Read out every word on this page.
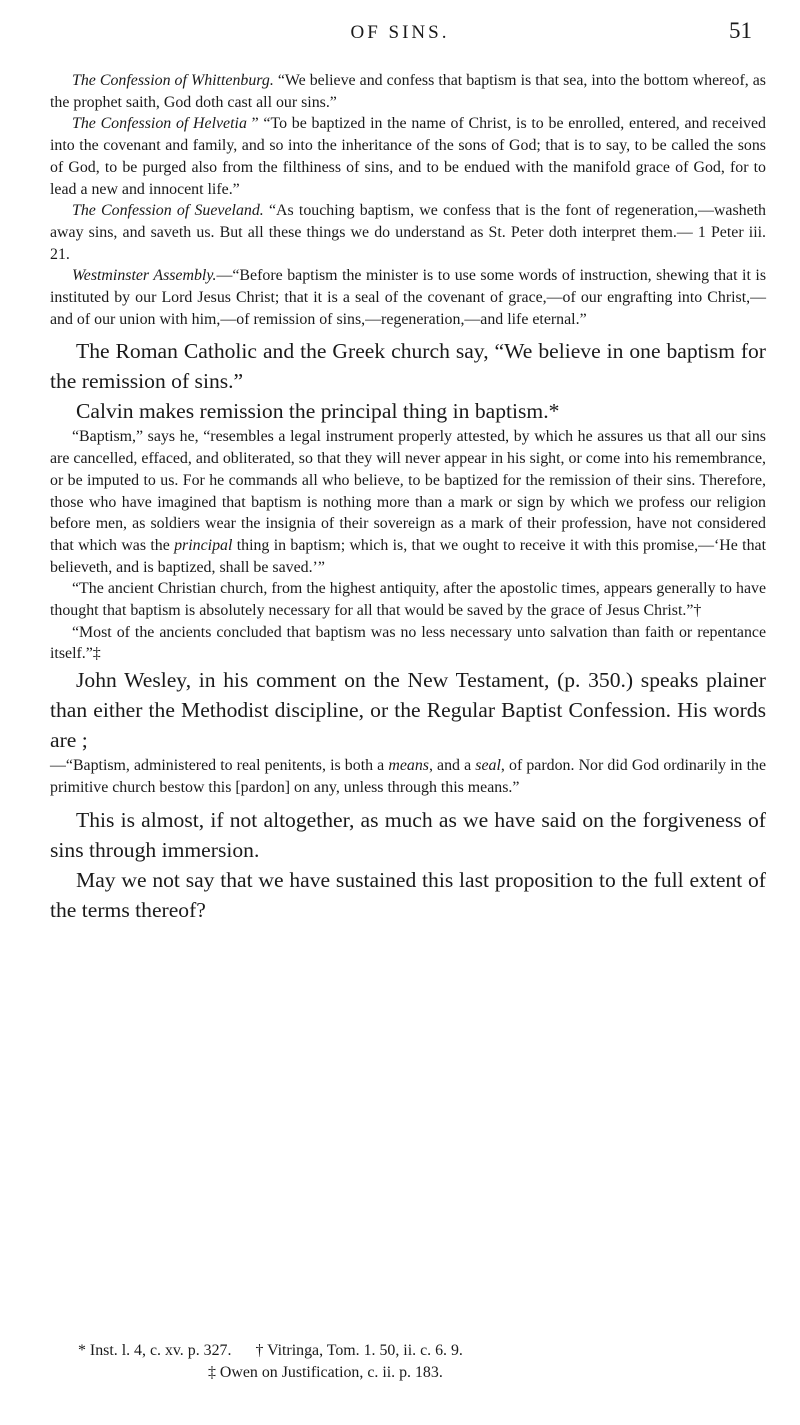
OF SINS.	51

The Confession of Whittenburg. “We believe and confess that baptism is that sea, into the bottom whereof, as the prophet saith, God doth cast all our sins.”

The Confession of Helvetia ” “To be baptized in the name of Christ, is to be enrolled, entered, and received into the covenant and family, and so into the inheritance of the sons of God; that is to say, to be called the sons of God, to be purged also from the filthiness of sins, and to be endued with the manifold grace of God, for to lead a new and innocent life.”

The Confession of Sueveland. “As touching baptism, we confess that is the font of regeneration,—washeth away sins, and saveth us. But all these things we do understand as St. Peter doth interpret them.— 1 Peter iii. 21.

Westminster Assembly.—“Before baptism the minister is to use some words of instruction, shewing that it is instituted by our Lord Jesus Christ; that it is a seal of the covenant of grace,—of our engrafting into Christ,—and of our union with him,—of remission of sins,—regeneration,—and life eternal.”

The Roman Catholic and the Greek church say, “We believe in one baptism for the remission of sins.”

Calvin makes remission the principal thing in baptism.*

“Baptism,” says he, “resembles a legal instrument properly attested, by which he assures us that all our sins are cancelled, effaced, and obliterated, so that they will never appear in his sight, or come into his remembrance, or be imputed to us. For he commands all who believe, to be baptized for the remission of their sins. Therefore, those who have imagined that baptism is nothing more than a mark or sign by which we profess our religion before men, as soldiers wear the insignia of their sovereign as a mark of their profession, have not considered that which was the principal thing in baptism; which is, that we ought to receive it with this promise,—‘He that believeth, and is baptized, shall be saved.’”

“The ancient Christian church, from the highest antiquity, after the apostolic times, appears generally to have thought that baptism is absolutely necessary for all that would be saved by the grace of Jesus Christ.”†

“Most of the ancients concluded that baptism was no less necessary unto salvation than faith or repentance itself.”‡

John Wesley, in his comment on the New Testament, (p. 350.) speaks plainer than either the Methodist discipline, or the Regular Baptist Confession. His words are ;

—“Baptism, administered to real penitents, is both a means, and a seal, of pardon. Nor did God ordinarily in the primitive church bestow this [pardon] on any, unless through this means.”

This is almost, if not altogether, as much as we have said on the forgiveness of sins through immersion.

May we not say that we have sustained this last proposition to the full extent of the terms thereof?

* Inst. l. 4, c. xv. p. 327. † Vitringa, Tom. 1. 50, ii. c. 6. 9.
‡ Owen on Justification, c. ii. p. 183.
